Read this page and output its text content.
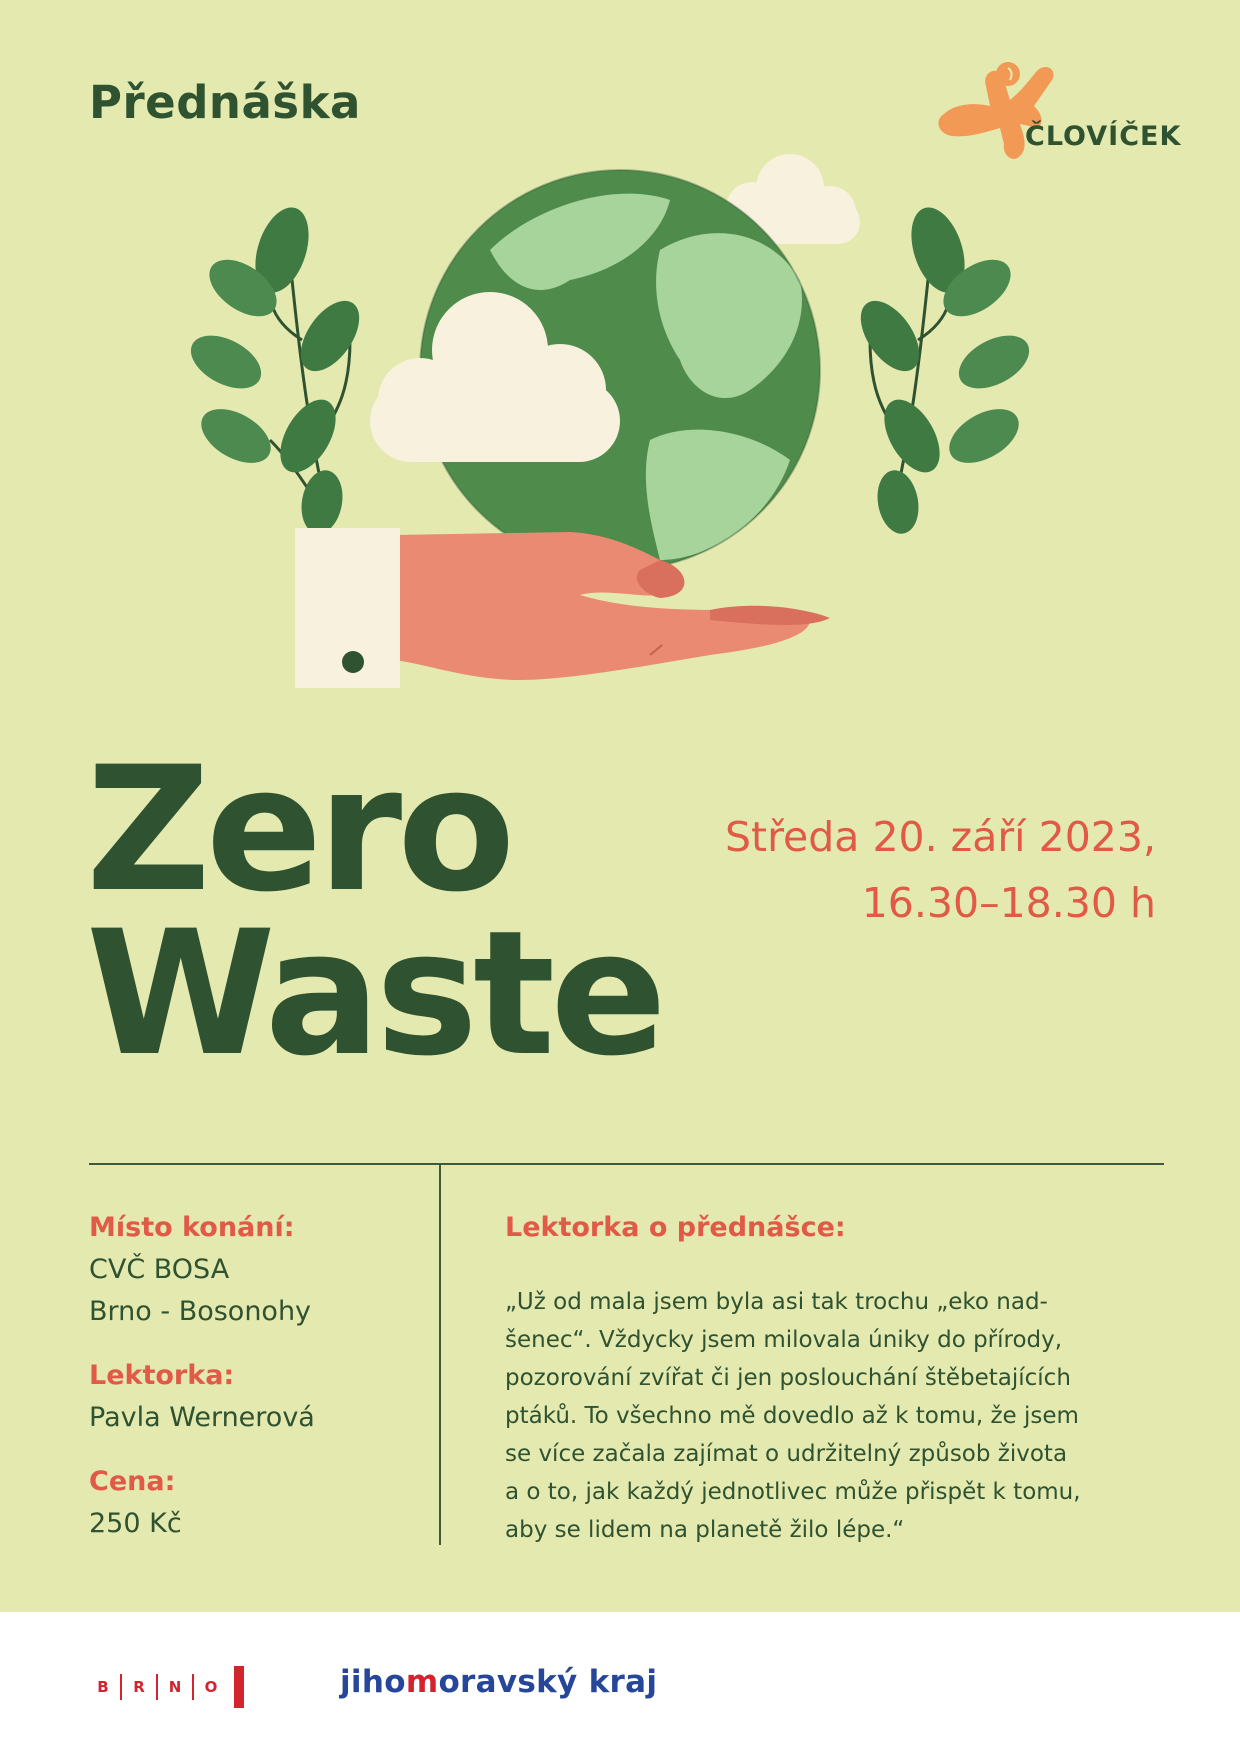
Přednáška
ČLOVÍČEK
Zero
Waste
Středa 20. září 2023,
16.30–18.30 h
Místo konání:
CVČ BOSA
Brno - Bosonohy
Lektorka:
Pavla Wernerová
Cena:
250 Kč
Lektorka o přednášce:
„Už od mala jsem byla asi tak trochu „eko nad-
šenec“. Vždycky jsem milovala úniky do přírody,
pozorování zvířat či jen poslouchání štěbetajících
ptáků. To všechno mě dovedlo až k tomu, že jsem
se více začala zajímat o udržitelný způsob života
a o to, jak každý jednotlivec může přispět k tomu,
aby se lidem na planetě žilo lépe.“
B	R	N	O	jihomoravský kraj
